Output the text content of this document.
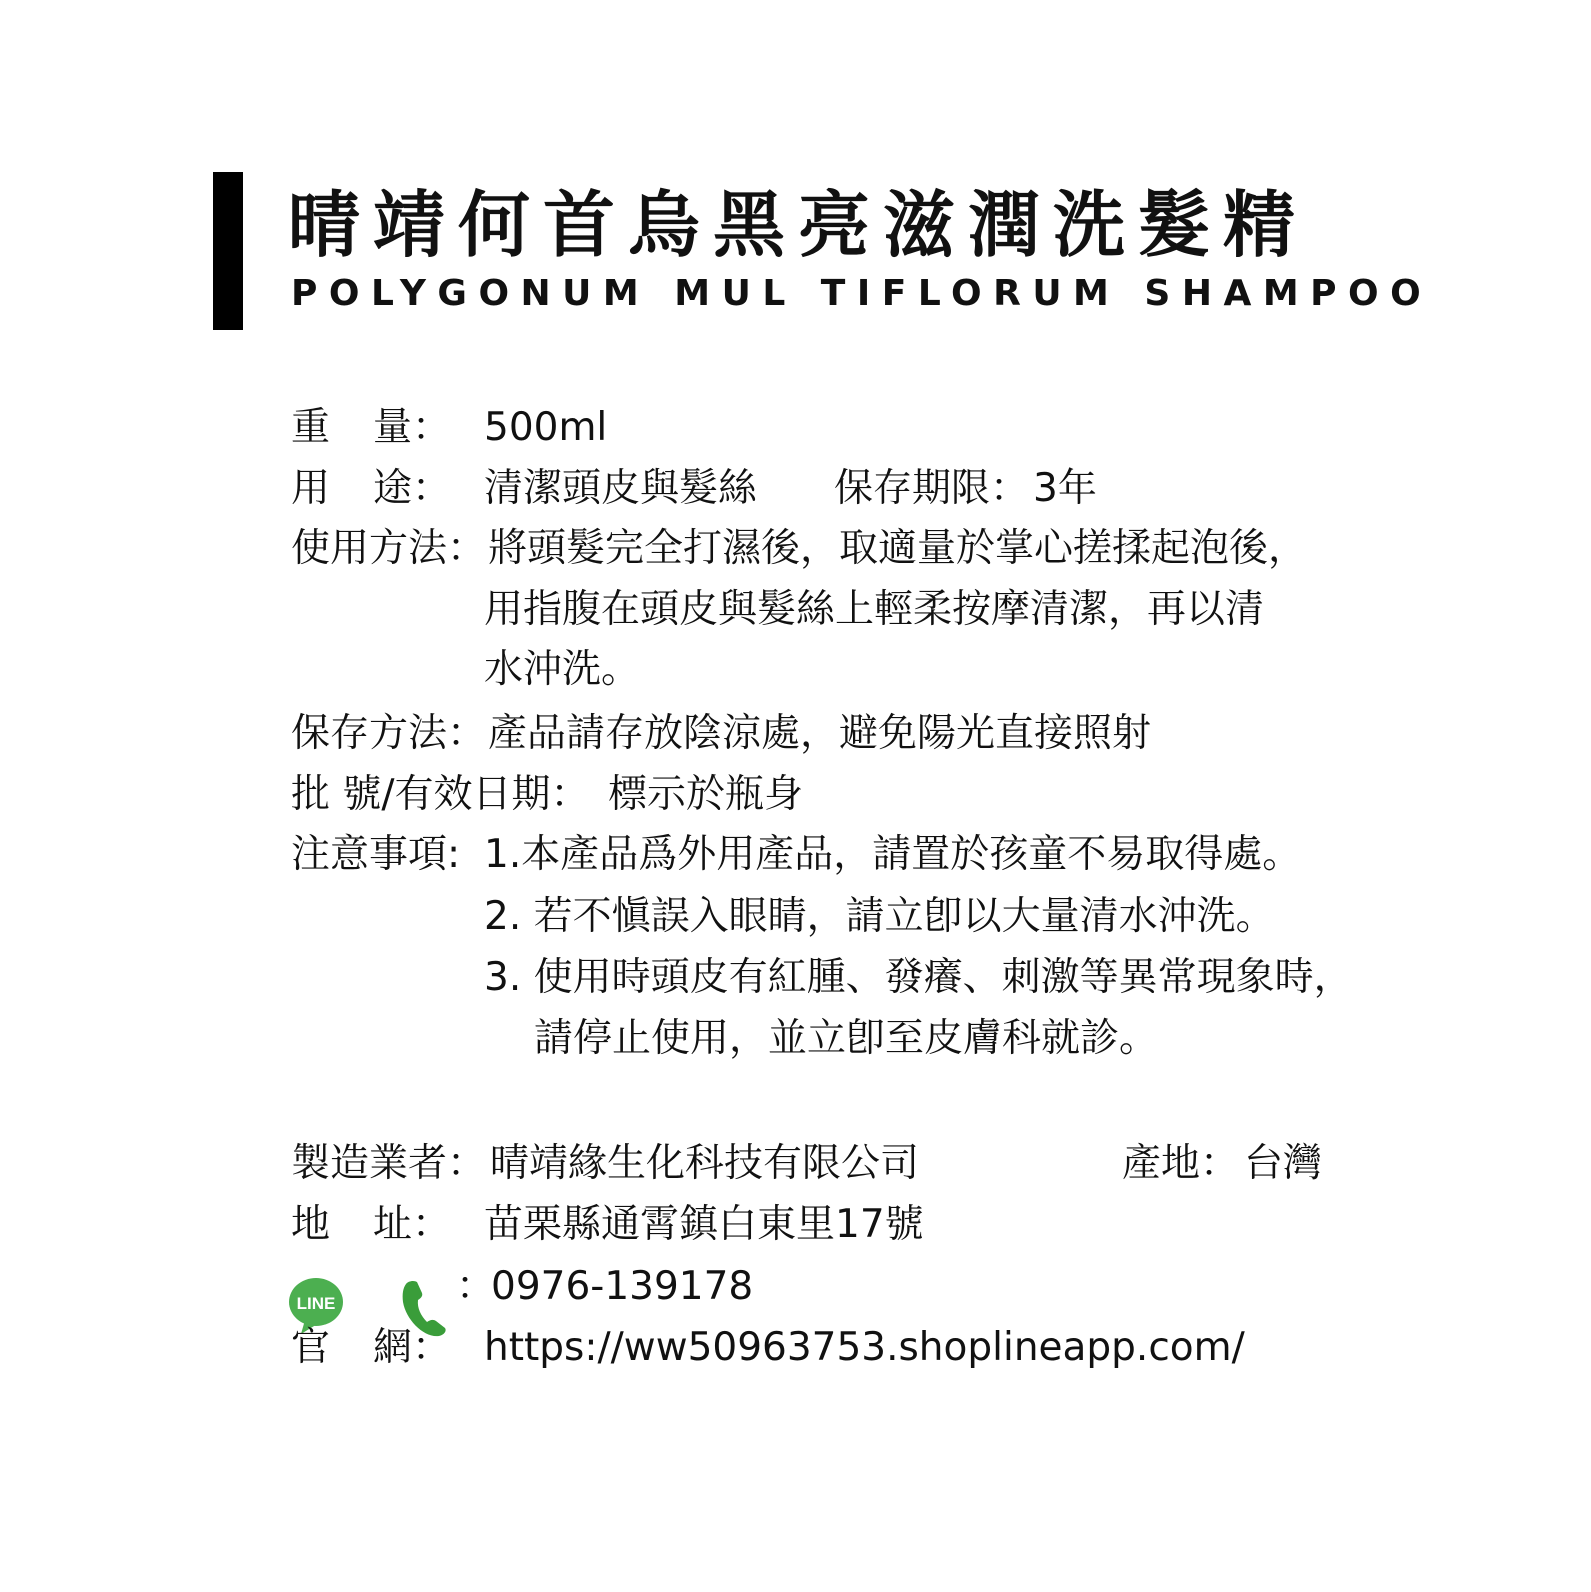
晴靖何首烏黑亮滋潤洗髮精
POLYGONUM MUL TIFLORUM SHAMPOO
重 量： 500ml
用 途： 清潔頭皮與髮絲 保存期限： 3年
使用方法： 將頭髮完全打濕後，取適量於掌心搓揉起泡後，
用指腹在頭皮與髮絲上輕柔按摩清潔，再以清
水沖洗。
保存方法： 產品請存放陰涼處，避免陽光直接照射
批 號/有效日期： 標示於瓶身
注意事項: 1.本產品爲外用產品，請置於孩童不易取得處。
2. 若不愼誤入眼睛，請立卽以大量清水沖洗。
3. 使用時頭皮有紅腫、發癢、刺激等異常現象時，
請停止使用，並立卽至皮膚科就診。
製造業者： 晴靖緣生化科技有限公司	產地： 台灣
地 址： 苗栗縣通霄鎮白東里17號
LINE	：
0976-139178
官 網： https://ww50963753.shoplineapp.com/
